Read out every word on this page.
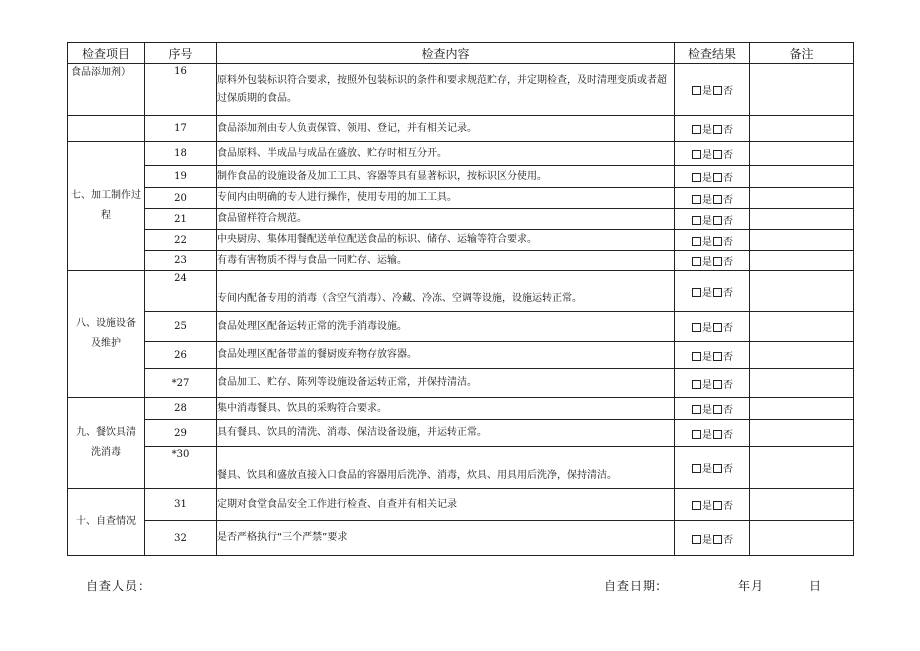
检查项目	序号	检查内容	检查结果	备注
食品添加剂）	16	原料外包装标识符合要求，按照外包装标识的条件和要求规范贮存，并定期检查，及时清理变质或者超过保质期的食品。	是 否	
	17	食品添加剂由专人负责保管、领用、登记，并有相关记录。	是 否	
七、加工制作过程	18	食品原料、半成品与成品在盛放、贮存时相互分开。	是 否	
	19	制作食品的设施设备及加工工具、容器等具有显著标识，按标识区分使用。	是 否	
	20	专间内由明确的专人进行操作，使用专用的加工工具。	是 否	
	21	食品留样符合规范。	是 否	
	22	中央厨房、集体用餐配送单位配送食品的标识、储存、运输等符合要求。	是 否	
	23	有毒有害物质不得与食品一同贮存、运输。	是 否	
八、设施设备及维护	24	专间内配备专用的消毒（含空气消毒）、冷藏、冷冻、空调等设施，设施运转正常。	是 否	
	25	食品处理区配备运转正常的洗手消毒设施。	是 否	
	26	食品处理区配备带盖的餐厨废弃物存放容器。	是 否	
	*27	食品加工、贮存、陈列等设施设备运转正常，并保持清洁。	是 否	
九、餐饮具清洗消毒	28	集中消毒餐具、饮具的采购符合要求。	是 否	
	29	具有餐具、饮具的清洗、消毒、保洁设备设施，并运转正常。	是 否	
	*30	餐具、饮具和盛放直接入口食品的容器用后洗净、消毒，炊具、用具用后洗净，保持清洁。	是 否	
十、自查情况	31	定期对食堂食品安全工作进行检查、自查并有相关记录	是 否	
	32	是否严格执行“三个严禁”要求	是 否	
自查人员：	自查日期:	年月	日
